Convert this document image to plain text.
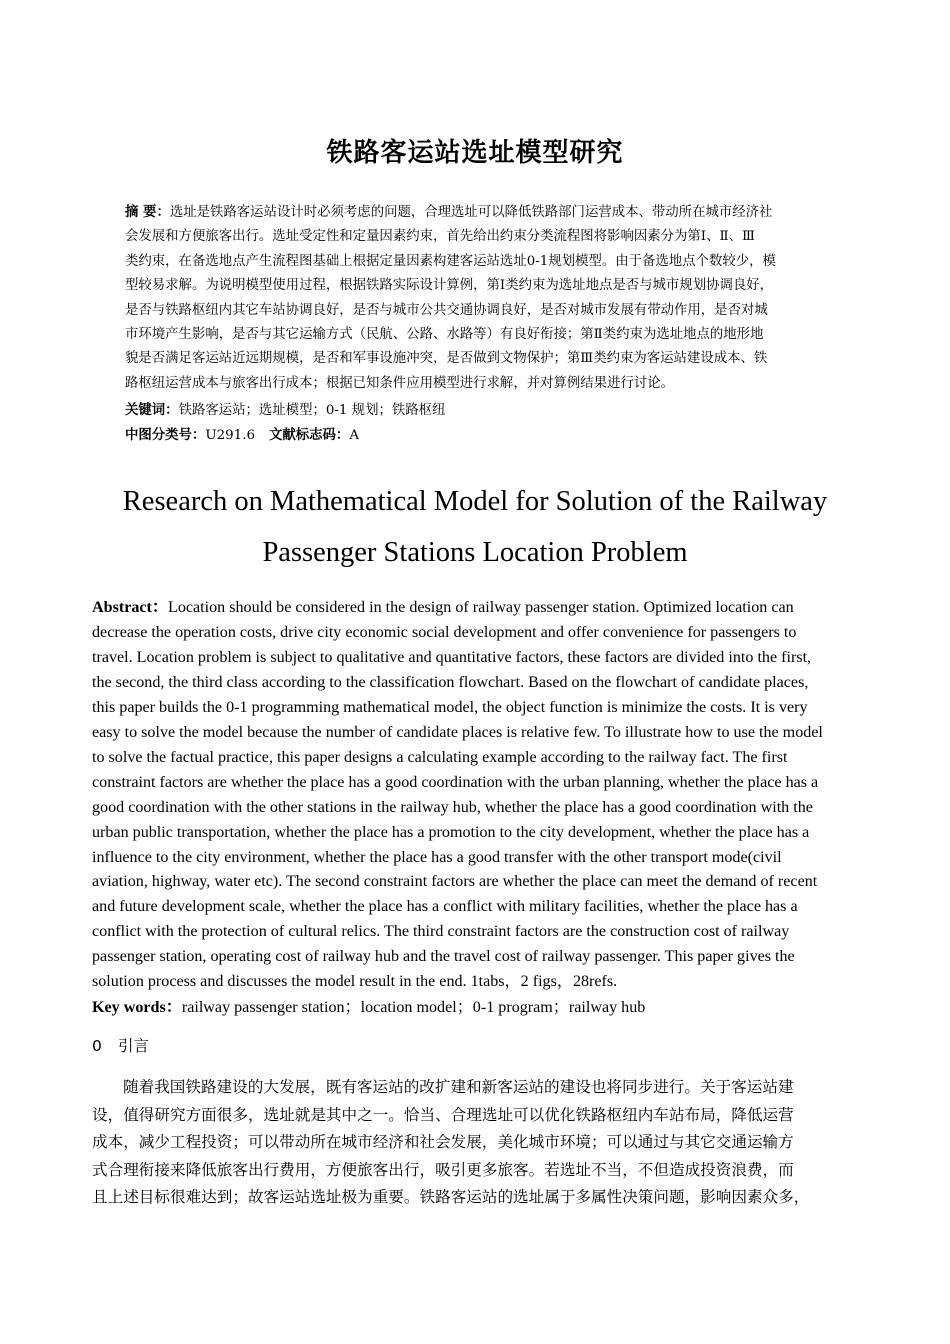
铁路客运站选址模型研究

摘 要：选址是铁路客运站设计时必须考虑的问题，合理选址可以降低铁路部门运营成本、带动所在城市经济社

会发展和方便旅客出行。选址受定性和定量因素约束，首先给出约束分类流程图将影响因素分为第Ⅰ、Ⅱ、Ⅲ

类约束，在备选地点产生流程图基础上根据定量因素构建客运站选址0-1规划模型。由于备选地点个数较少，模

型较易求解。为说明模型使用过程，根据铁路实际设计算例，第Ⅰ类约束为选址地点是否与城市规划协调良好，

是否与铁路枢纽内其它车站协调良好，是否与城市公共交通协调良好，是否对城市发展有带动作用，是否对城

市环境产生影响，是否与其它运输方式（民航、公路、水路等）有良好衔接；第Ⅱ类约束为选址地点的地形地

貌是否满足客运站近远期规模，是否和军事设施冲突，是否做到文物保护；第Ⅲ类约束为客运站建设成本、铁

路枢纽运营成本与旅客出行成本；根据已知条件应用模型进行求解，并对算例结果进行讨论。

关键词：铁路客运站；选址模型；0-1 规划；铁路枢纽
中图分类号：U291.6 文献标志码：A
Research on Mathematical Model for Solution of the Railway
Passenger Stations Location Problem

Abstract：Location should be considered in the design of railway passenger station. Optimized location can

decrease the operation costs, drive city economic social development and offer convenience for passengers to

travel. Location problem is subject to qualitative and quantitative factors, these factors are divided into the first,

the second, the third class according to the classification flowchart. Based on the flowchart of candidate places,

this paper builds the 0-1 programming mathematical model, the object function is minimize the costs. It is very

easy to solve the model because the number of candidate places is relative few. To illustrate how to use the model

to solve the factual practice, this paper designs a calculating example according to the railway fact. The first

constraint factors are whether the place has a good coordination with the urban planning, whether the place has a

good coordination with the other stations in the railway hub, whether the place has a good coordination with the

urban public transportation, whether the place has a promotion to the city development, whether the place has a

influence to the city environment, whether the place has a good transfer with the other transport mode(civil

aviation, highway, water etc). The second constraint factors are whether the place can meet the demand of recent

and future development scale, whether the place has a conflict with military facilities, whether the place has a

conflict with the protection of cultural relics. The third constraint factors are the construction cost of railway

passenger station, operating cost of railway hub and the travel cost of railway passenger. This paper gives the

solution process and discusses the model result in the end. 1tabs，2 figs，28refs.

Key words：railway passenger station；location model；0-1 program；railway hub
0 引言

随着我国铁路建设的大发展，既有客运站的改扩建和新客运站的建设也将同步进行。关于客运站建

设，值得研究方面很多，选址就是其中之一。恰当、合理选址可以优化铁路枢纽内车站布局，降低运营

成本，减少工程投资；可以带动所在城市经济和社会发展，美化城市环境；可以通过与其它交通运输方

式合理衔接来降低旅客出行费用，方便旅客出行，吸引更多旅客。若选址不当，不但造成投资浪费，而

且上述目标很难达到；故客运站选址极为重要。铁路客运站的选址属于多属性决策问题，影响因素众多，
